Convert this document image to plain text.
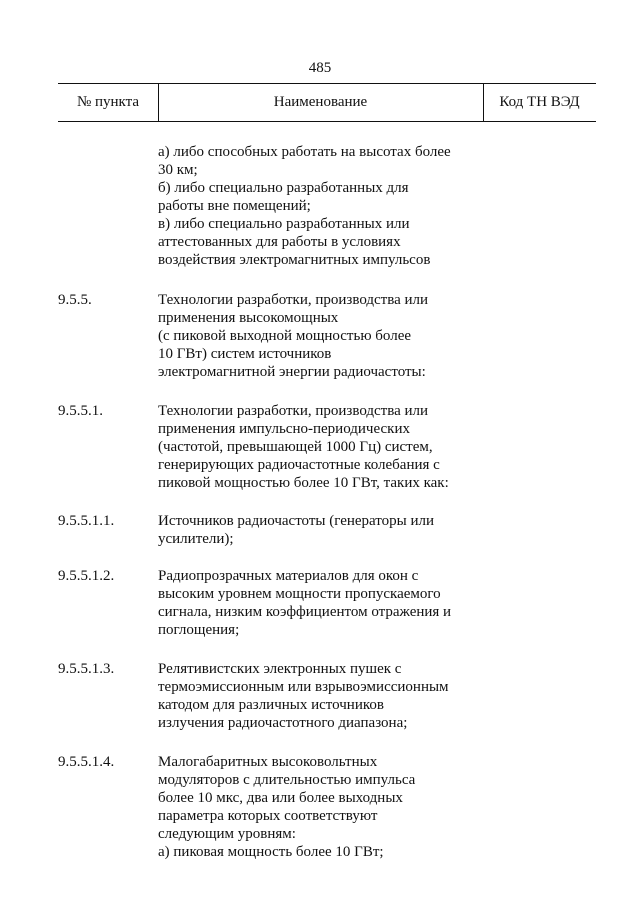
485
№ пункта	Наименование	Код ТН ВЭД
а) либо способных работать на высотах более
30 км;
б) либо специально разработанных для
работы вне помещений;
в) либо специально разработанных или
аттестованных для работы в условиях
воздействия электромагнитных импульсов
9.5.5.	Технологии разработки, производства или
применения высокомощных
(с пиковой выходной мощностью более
10 ГВт) систем источников
электромагнитной энергии радиочастоты:
9.5.5.1.	Технологии разработки, производства или
применения импульсно-периодических
(частотой, превышающей 1000 Гц) систем,
генерирующих радиочастотные колебания с
пиковой мощностью более 10 ГВт, таких как:
9.5.5.1.1.	Источников радиочастоты (генераторы или
усилители);
9.5.5.1.2.	Радиопрозрачных материалов для окон с
высоким уровнем мощности пропускаемого
сигнала, низким коэффициентом отражения и
поглощения;
9.5.5.1.3.	Релятивистских электронных пушек с
термоэмиссионным или взрывоэмиссионным
катодом для различных источников
излучения радиочастотного диапазона;
9.5.5.1.4.	Малогабаритных высоковольтных
модуляторов с длительностью импульса
более 10 мкс, два или более выходных
параметра которых соответствуют
следующим уровням:
а) пиковая мощность более 10 ГВт;
